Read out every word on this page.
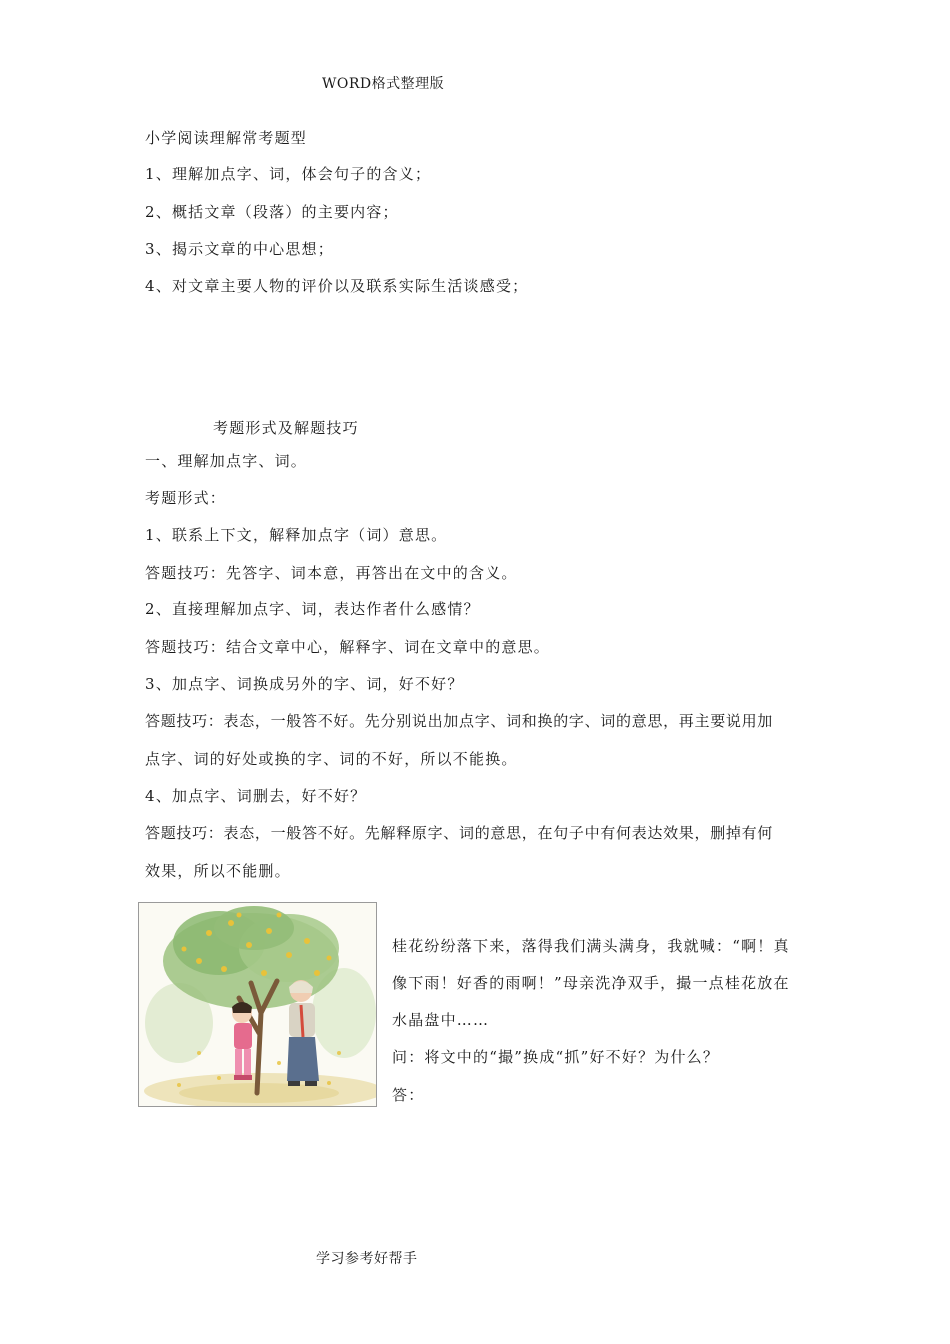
WORD格式整理版
小学阅读理解常考题型
1、理解加点字、词，体会句子的含义；
2、概括文章（段落）的主要内容；
3、揭示文章的中心思想；
4、对文章主要人物的评价以及联系实际生活谈感受；
考题形式及解题技巧
一、理解加点字、词。
考题形式：
1、联系上下文，解释加点字（词）意思。
答题技巧：先答字、词本意，再答出在文中的含义。
2、直接理解加点字、词，表达作者什么感情？
答题技巧：结合文章中心，解释字、词在文章中的意思。
3、加点字、词换成另外的字、词，好不好？
答题技巧：表态，一般答不好。先分别说出加点字、词和换的字、词的意思，再主要说用加
点字、词的好处或换的字、词的不好，所以不能换。
4、加点字、词删去，好不好？
答题技巧：表态，一般答不好。先解释原字、词的意思，在句子中有何表达效果，删掉有何
效果，所以不能删。
桂花纷纷落下来，落得我们满头满身，我就喊：“啊！真
像下雨！好香的雨啊！”母亲洗净双手，撮一点桂花放在
水晶盘中……
问：将文中的“撮”换成“抓”好不好？为什么？
答：
学习参考好帮手
